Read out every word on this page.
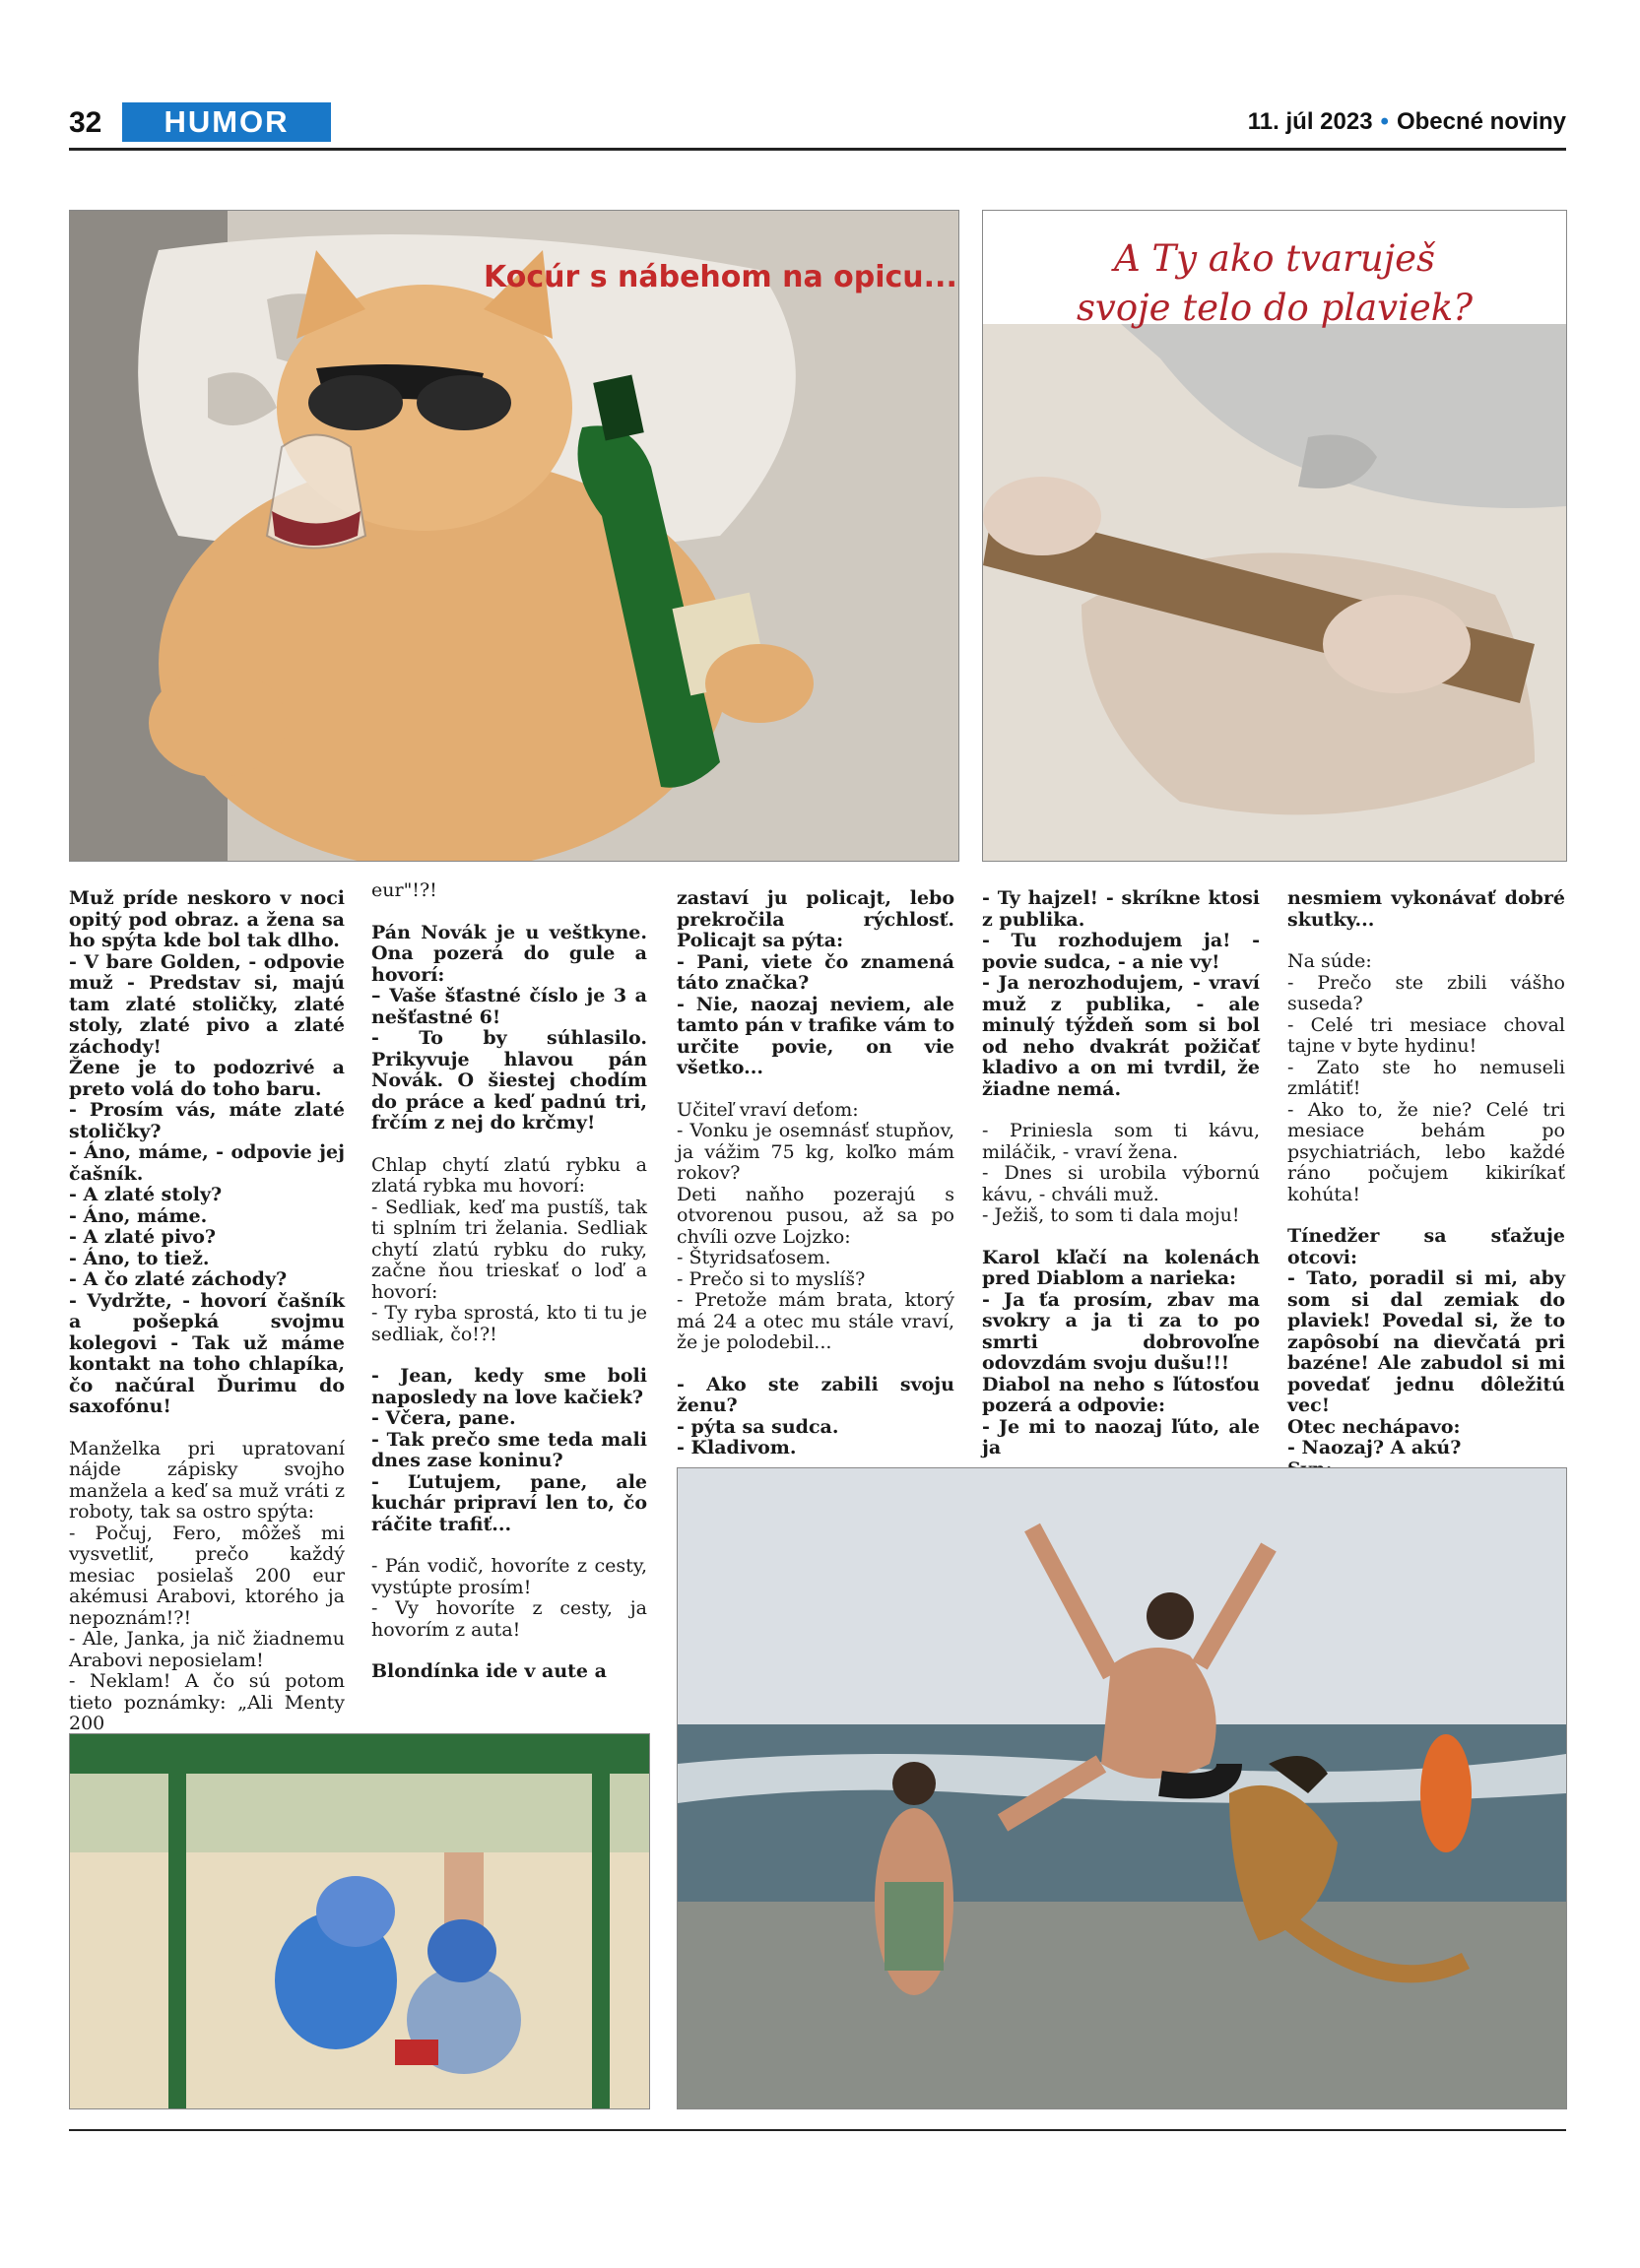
32	HUMOR	11. júl 2023 • Obecné noviny
Kocúr s nábehom na opicu...	A Ty ako tvaruješ
svoje telo do plaviek?

Muž príde neskoro v noci opitý pod obraz. a žena sa ho spýta kde bol tak dlho.

- V bare Golden, - odpovie muž - Predstav si, majú tam zlaté stoličky, zlaté stoly, zlaté pivo a zlaté záchody!

Žene je to podozrivé a preto volá do toho baru.

- Prosím vás, máte zlaté stoličky?

- Áno, máme, - odpovie jej čašník.

- A zlaté stoly?

- Áno, máme.

- A zlaté pivo?

- Áno, to tiež.

- A čo zlaté záchody?

- Vydržte, - hovorí čašník a pošepká svojmu kolegovi - Tak už máme kontakt na toho chlapíka, čo načúral Ďurimu do saxofónu!

Manželka pri upratovaní nájde zápisky svojho manžela a keď sa muž vráti z roboty, tak sa ostro spýta:

- Počuj, Fero, môžeš mi vysvetliť, prečo každý mesiac posielaš 200 eur akémusi Arabovi, ktorého ja nepoznám!?!

- Ale, Janka, ja nič žiadnemu Arabovi neposielam!

- Neklam! A čo sú potom tieto poznámky: „Ali Menty 200

eur"!?!

Pán Novák je u veštkyne. Ona pozerá do gule a hovorí:

– Vaše šťastné číslo je 3 a nešťastné 6!

- To by súhlasilo. Prikyvuje hlavou pán Novák. O šiestej chodím do práce a keď padnú tri, frčím z nej do krčmy!

Chlap chytí zlatú rybku a zlatá rybka mu hovorí:

- Sedliak, keď ma pustíš, tak ti splním tri želania. Sedliak chytí zlatú rybku do ruky, začne ňou trieskať o loď a hovorí:

- Ty ryba sprostá, kto ti tu je sedliak, čo!?!

- Jean, kedy sme boli naposledy na love kačiek?

- Včera, pane.

- Tak prečo sme teda mali dnes zase koninu?

- Ľutujem, pane, ale kuchár pripraví len to, čo ráčite trafiť...

- Pán vodič, hovoríte z cesty, vystúpte prosím!

- Vy hovoríte z cesty, ja hovorím z auta!

Blondínka ide v aute a

zastaví ju policajt, lebo prekročila rýchlosť. Policajt sa pýta:

- Pani, viete čo znamená táto značka?

- Nie, naozaj neviem, ale tamto pán v trafike vám to určite povie, on vie všetko...

Učiteľ vraví deťom:

- Vonku je osemnásť stupňov, ja vážim 75 kg, koľko mám rokov?

Deti naňho pozerajú s otvorenou pusou, až sa po chvíli ozve Lojzko:

- Štyridsaťosem.

- Prečo si to myslíš?

- Pretože mám brata, ktorý má 24 a otec mu stále vraví, že je polodebil...

- Ako ste zabili svoju ženu?

- pýta sa sudca.

- Kladivom.

- Ty hajzel! - skríkne ktosi z publika.

- Tu rozhodujem ja! - povie sudca, - a nie vy!

- Ja nerozhodujem, - vraví muž z publika, - ale minulý týždeň som si bol od neho dvakrát požičať kladivo a on mi tvrdil, že žiadne nemá.

- Priniesla som ti kávu, miláčik, - vraví žena.

- Dnes si urobila výbornú kávu, - chváli muž.

- Ježiš, to som ti dala moju!

Karol kľačí na kolenách pred Diablom a narieka:

- Ja ťa prosím, zbav ma svokry a ja ti za to po smrti dobrovoľne odovzdám svoju dušu!!!

Diabol na neho s ľútosťou pozerá a odpovie:

- Je mi to naozaj ľúto, ale ja

nesmiem vykonávať dobré skutky...

Na súde:

- Prečo ste zbili vášho suseda?

- Celé tri mesiace choval tajne v byte hydinu!

- Zato ste ho nemuseli zmlátiť!

- Ako to, že nie? Celé tri mesiace behám po psychiatriách, lebo každé ráno počujem kikiríkať kohúta!

Tínedžer sa sťažuje otcovi:

- Tato, poradil si mi, aby som si dal zemiak do plaviek! Povedal si, že to zapôsobí na dievčatá pri bazéne! Ale zabudol si mi povedať jednu dôležitú vec!

Otec nechápavo:

- Naozaj? A akú?
